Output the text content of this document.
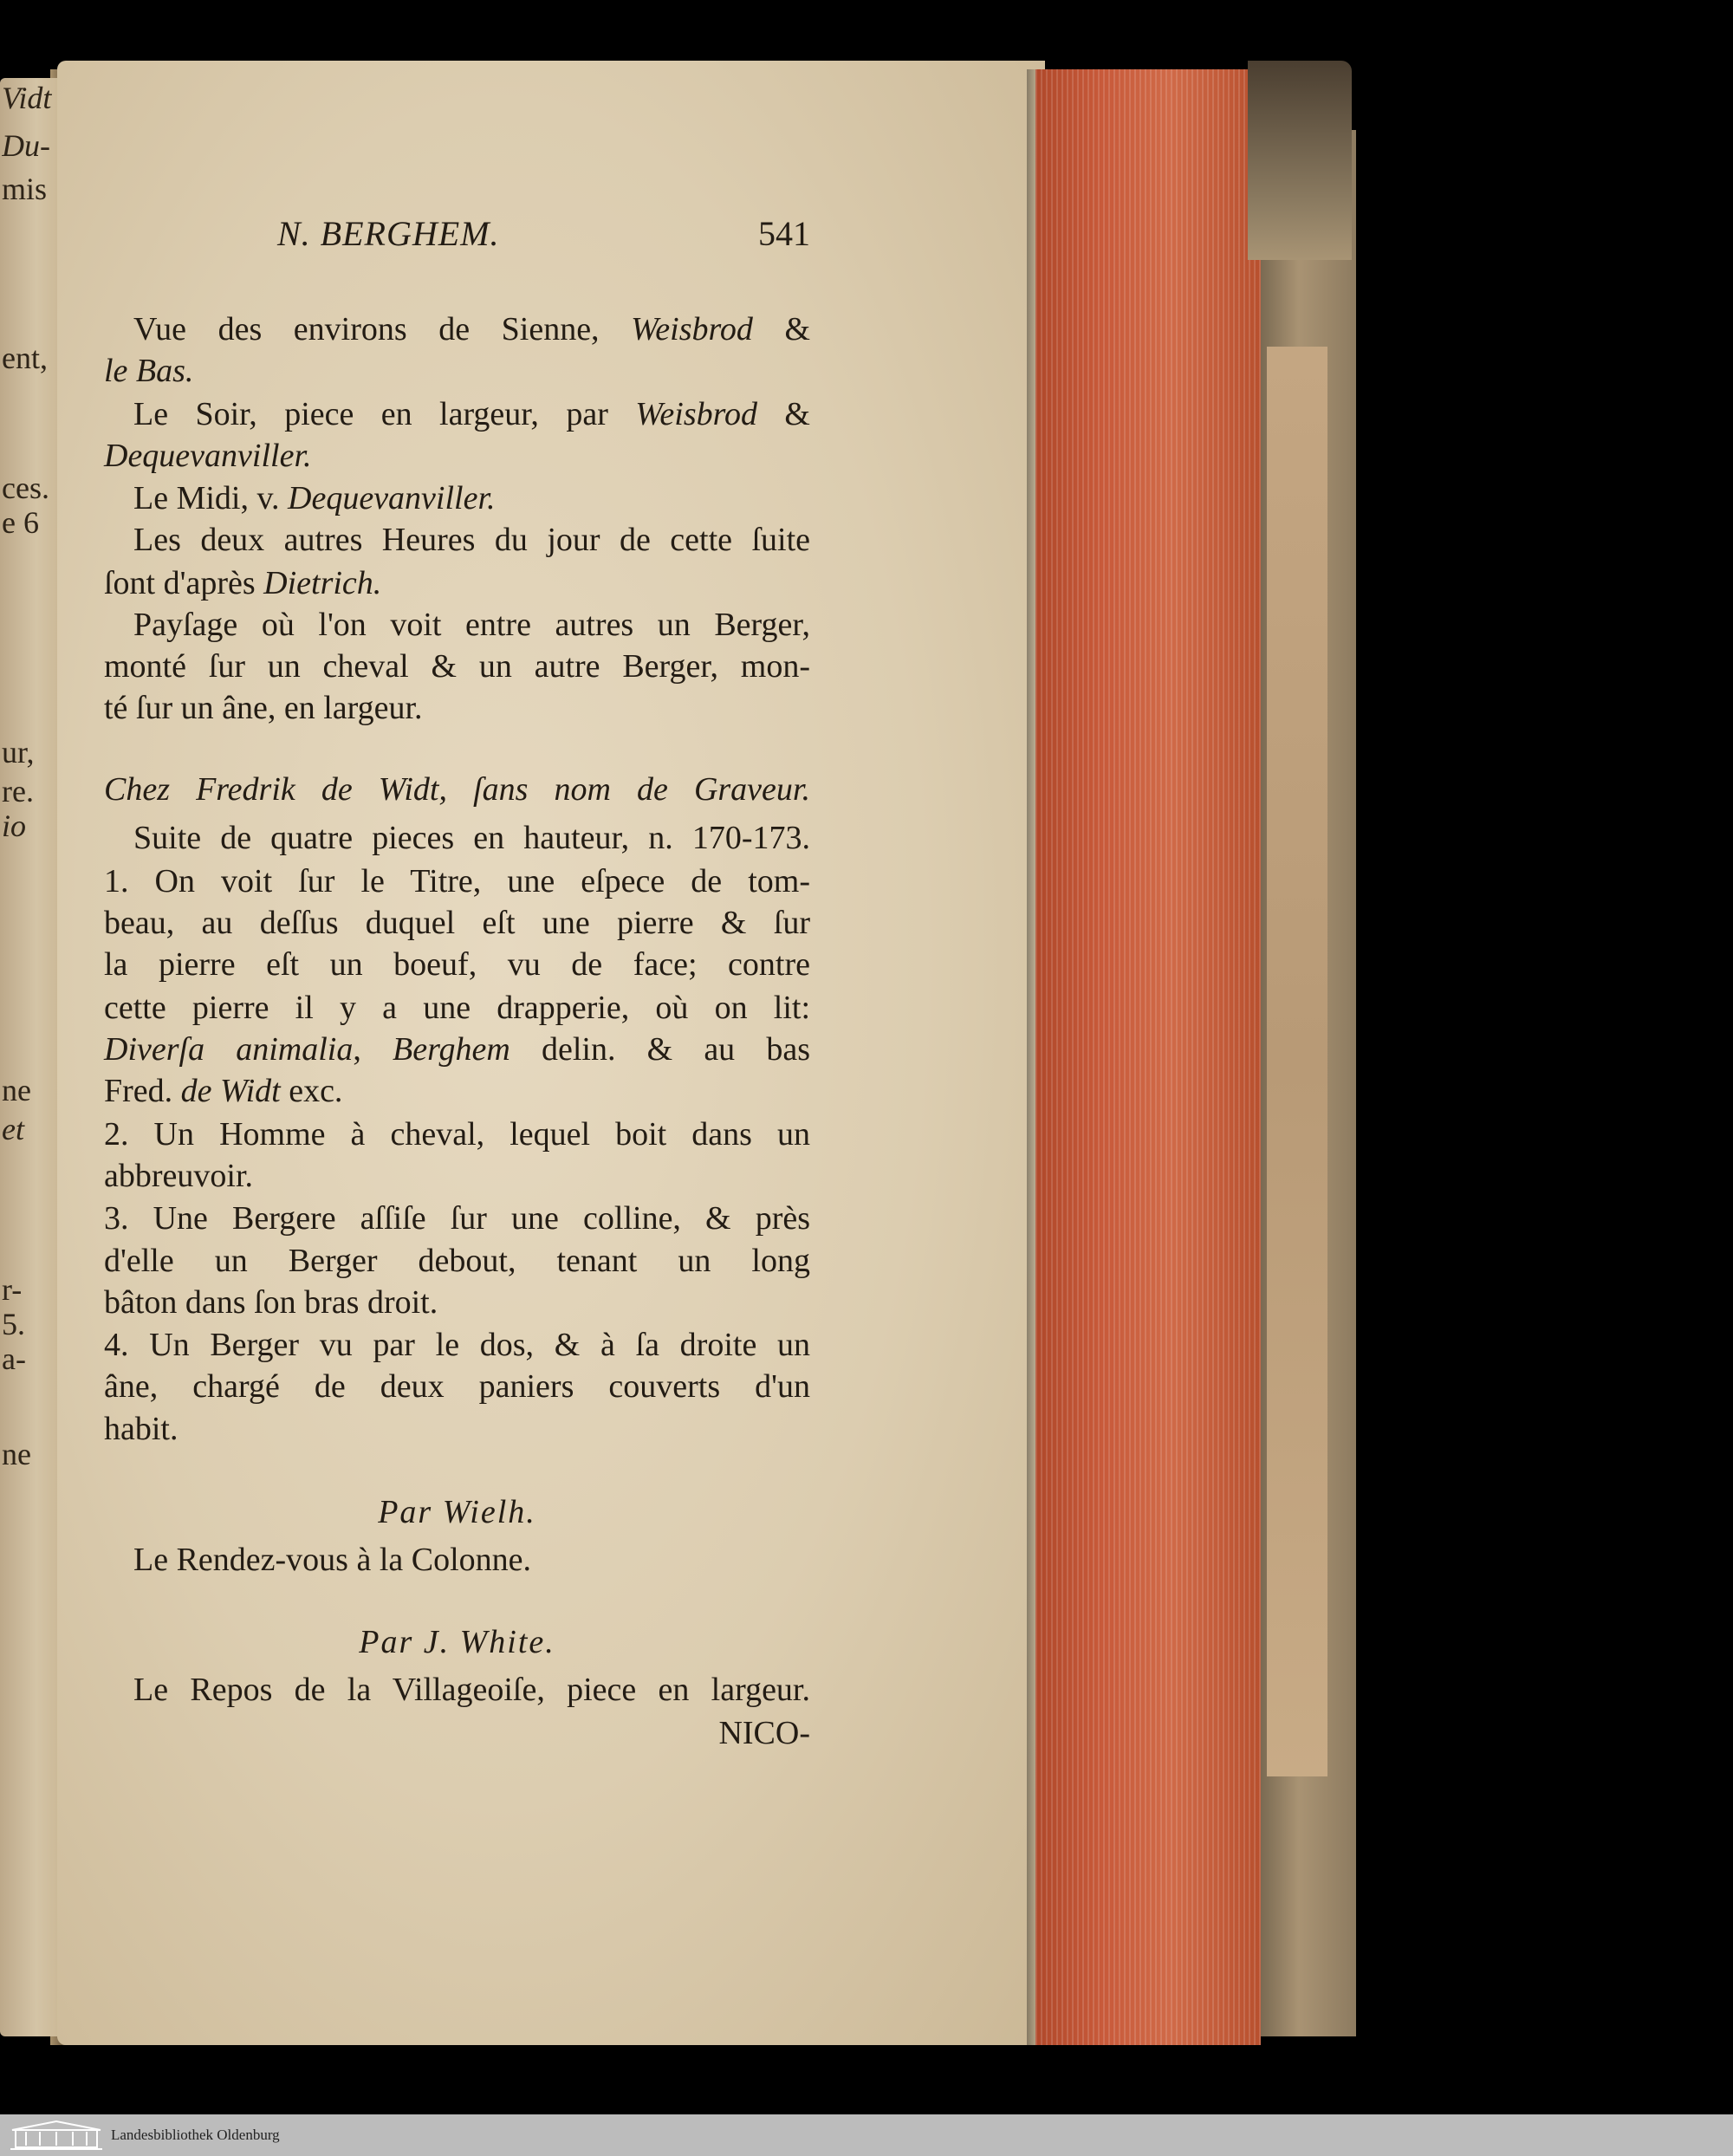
Vidt
Du-
mis
ent,
ces.
e 6
ur,
re.
io
ne
et
r-
5.
a-
ne
N. BERGHEM.	541
Vue des environs de Sienne, Weisbrod &
le Bas.
Le Soir, piece en largeur, par Weisbrod &
Dequevanviller.
Le Midi, v. Dequevanviller.
Les deux autres Heures du jour de cette ſuite
ſont d'après Dietrich.
Payſage où l'on voit entre autres un Berger,
monté ſur un cheval & un autre Berger, mon-
té ſur un âne, en largeur.
Chez Fredrik de Widt, ſans nom de Graveur.
Suite de quatre pieces en hauteur, n. 170-173.
1. On voit ſur le Titre, une eſpece de tom-
beau, au deſſus duquel eſt une pierre & ſur
la pierre eſt un boeuf, vu de face; contre
cette pierre il y a une drapperie, où on lit:
Diverſa animalia, Berghem delin. & au bas
Fred. de Widt exc.
2. Un Homme à cheval, lequel boit dans un
abbreuvoir.
3. Une Bergere aſſiſe ſur une colline, & près
d'elle un Berger debout, tenant un long
bâton dans ſon bras droit.
4. Un Berger vu par le dos, & à ſa droite un
âne, chargé de deux paniers couverts d'un
habit.
Par Wielh.
Le Rendez-vous à la Colonne.
Par J. White.
Le Repos de la Villageoiſe, piece en largeur.
NICO-
Landesbibliothek Oldenburg
